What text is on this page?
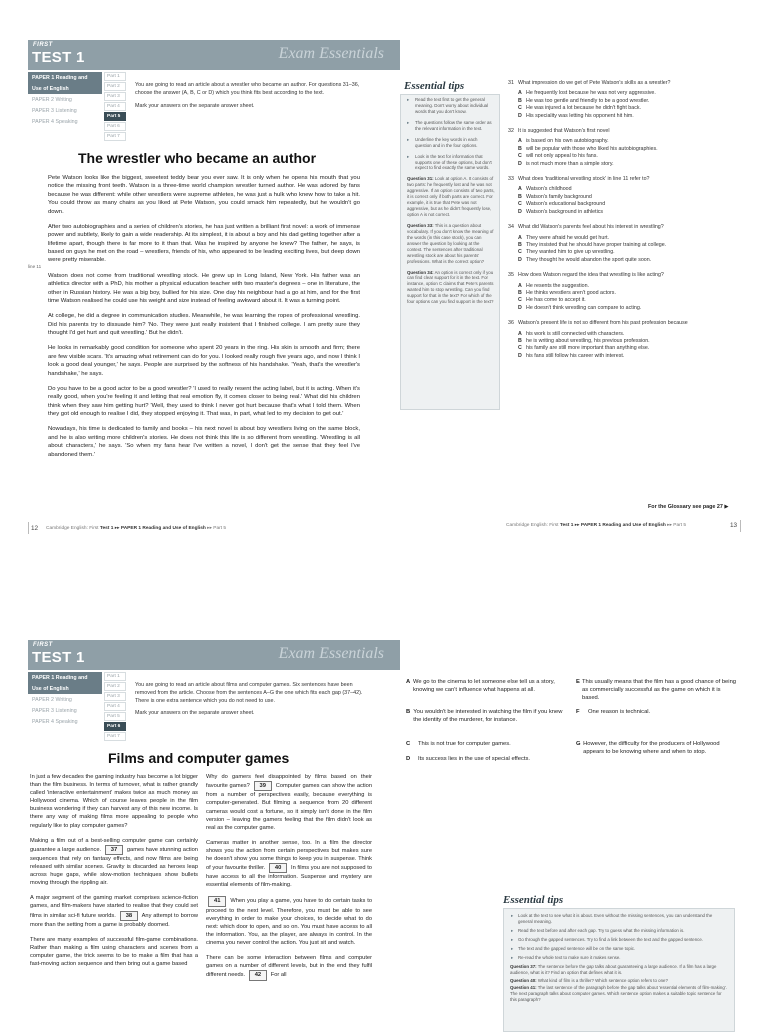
FIRST
TEST 1	Exam Essentials
PAPER 1 Reading and
Use of English
PAPER 2 Writing
PAPER 3 Listening
PAPER 4 Speaking
Part 1
Part 2
Part 3
Part 4
Part 5
Part 6
Part 7

You are going to read an article about a wrestler who became an author. For questions 31–36, choose the answer (A, B, C or D) which you think fits best according to the text.

Mark your answers on the separate answer sheet.

The wrestler who became an author
line 11

Pete Watson looks like the biggest, sweetest teddy bear you ever saw. It is only when he opens his mouth that you notice the missing front teeth. Watson is a three-time world champion wrestler turned author. He was adored by fans because he was different: while other wrestlers were supreme athletes, he was just a hulk who knew how to take a hit. You could throw as many chairs as you liked at Pete Watson, you could smack him repeatedly, but he wouldn't go down.

After two autobiographies and a series of children's stories, he has just written a brilliant first novel: a work of immense power and subtlety, likely to gain a wide readership. At its simplest, it is about a boy and his dad getting together after a lifetime apart, though there is far more to it than that. Was he inspired by anyone he knew? The father, he says, is based on guys he met on the road – wrestlers, friends of his, who appeared to be leading exciting lives, but deep down were pretty miserable.

Watson does not come from traditional wrestling stock. He grew up in Long Island, New York. His father was an athletics director with a PhD, his mother a physical education teacher with two master's degrees – one in literature, the other in Russian history. He was a big boy, bullied for his size. One day his neighbour had a go at him, and for the first time Watson realised he could use his weight and size instead of feeling awkward about it. It was a turning point.

At college, he did a degree in communication studies. Meanwhile, he was learning the ropes of professional wrestling. Did his parents try to dissuade him? 'No. They were just really insistent that I finished college. I am pretty sure they thought I'd get hurt and quit wrestling.' But he didn't.

He looks in remarkably good condition for someone who spent 20 years in the ring. His skin is smooth and firm; there are few visible scars. 'It's amazing what retirement can do for you. I looked really rough five years ago, and now I think I look a good deal younger,' he says. People are surprised by the softness of his handshake. 'Yeah, that's the wrestler's handshake,' he says.

Do you have to be a good actor to be a good wrestler? 'I used to really resent the acting label, but it is acting. When it's really good, when you're feeling it and letting that real emotion fly, it comes closer to being real.' What did his children think when they saw him getting hurt? 'Well, they used to think I never got hurt because that's what I told them. When they got old enough to realise I did, they stopped enjoying it. That was, in part, what led to my decision to get out.'

Nowadays, his time is dedicated to family and books – his next novel is about boy wrestlers living on the same block, and he is also writing more children's stories. He does not think this life is so different from wrestling. 'Wrestling is all about characters,' he says. 'So when my fans hear I've written a novel, I don't get the sense that they feel I've abandoned them.'

Essential tips
▸ Read the text first to get the general meaning. Don't worry about individual words that you don't know.
▸ The questions follow the same order as the relevant information in the text.
▸ Underline the key words in each question and in the four options.
▸ Look in the text for information that supports one of these options, but don't expect to find exactly the same words.
Question 31: Look at option A. It consists of two parts: he frequently lost and he was not aggressive. If an option consists of two parts, it is correct only if both parts are correct. For example, it is true that Pete was not aggressive, but as he didn't frequently lose, option A is not correct.
Question 33: This is a question about vocabulary. If you don't know the meaning of the words (in this case stock), you can answer the question by looking at the context. The sentences after traditional wrestling stock are about his parents' professions. What is the correct option?
Question 34: An option is correct only if you can find clear support for it in the text. For instance, option C claims that Pete's parents wanted him to stop wrestling. Can you find support for that in the text? For which of the four options can you find support in the text?
31 What impression do we get of Pete Watson's skills as a wrestler?
A He frequently lost because he was not very aggressive.
B He was too gentle and friendly to be a good wrestler.
C He was injured a lot because he didn't fight back.
D His speciality was letting his opponent hit him.
32 It is suggested that Watson's first novel
A is based on his own autobiography.
B will be popular with those who liked his autobiographies.
C will not only appeal to his fans.
D is not much more than a simple story.
33 What does 'traditional wrestling stock' in line 11 refer to?
A Watson's childhood
B Watson's family background
C Watson's educational background
D Watson's background in athletics
34 What did Watson's parents feel about his interest in wrestling?
A They were afraid he would get hurt.
B They insisted that he should have proper training at college.
C They wanted him to give up wrestling.
D They thought he would abandon the sport quite soon.
35 How does Watson regard the idea that wrestling is like acting?
A He resents the suggestion.
B He thinks wrestlers aren't good actors.
C He has come to accept it.
D He doesn't think wrestling can compare to acting.
36 Watson's present life is not so different from his past profession because
A his work is still connected with characters.
B he is writing about wrestling, his previous profession.
C his family are still more important than anything else.
D his fans still follow his career with interest.
For the Glossary see page 27 ▶
12 Cambridge English: First Test 1 ▸▸ PAPER 1 Reading and Use of English ▸▸ Part 5
Cambridge English: First Test 1 ▸▸ PAPER 1 Reading and Use of English ▸▸ Part 5	13
FIRST
TEST 1	Exam Essentials
PAPER 1 Reading and
Use of English
PAPER 2 Writing
PAPER 3 Listening
PAPER 4 Speaking
Part 1
Part 2
Part 3
Part 4
Part 5
Part 6
Part 7

You are going to read an article about films and computer games. Six sentences have been removed from the article. Choose from the sentences A–G the one which fits each gap (37–42). There is one extra sentence which you do not need to use.

Mark your answers on the separate answer sheet.

Films and computer games

In just a few decades the gaming industry has become a lot bigger than the film business. In terms of turnover, what is rather grandly called 'interactive entertainment' makes twice as much money as Hollywood cinema. Which of course leaves people in the film business wondering if they can harvest any of this new income. Is there any way of making films more appealing to people who regularly like to play computer games?

Making a film out of a best-selling computer game can certainly guarantee a large audience. 37 games have stunning action sequences that rely on fantasy effects, and now films are being released with similar scenes. Gravity is discarded as heroes leap across huge gaps, while slow-motion techniques show bullets moving through the rippling air.

A major segment of the gaming market comprises science-fiction games, and film-makers have started to realise that they could set films in similar sci-fi future worlds. 38 Any attempt to borrow more than the setting from a game is probably doomed.

There are many examples of successful film-game combinations. Rather than making a film using characters and scenes from a computer game, the trick seems to be to make a film that has a fast-moving action sequence and then bring out a game based

Why do gamers feel disappointed by films based on their favourite games? 39 Computer games can show the action from a number of perspectives easily, because everything is computer-generated. But filming a sequence from 20 different cameras would cost a fortune, so it simply isn't done in the film version – leaving the gamers feeling that the film didn't look as real as the computer game.

Cameras matter in another sense, too. In a film the director shows you the action from certain perspectives but makes sure he doesn't show you some things to keep you in suspense. Think of your favourite thriller. 40 In films you are not supposed to have access to all the information. Suspense and mystery are essential elements of film-making.

41 When you play a game, you have to do certain tasks to proceed to the next level. Therefore, you must be able to see everything in order to make your choices, to decide what to do next: which door to open, and so on. You must have access to all the information. You, as the player, are always in control. In the cinema you never control the action. You just sit and watch.

There can be some interaction between films and computer games on a number of different levels, but in the end they fulfil different needs. 42 For all

A We go to the cinema to let someone else tell us a story, knowing we can't influence what happens at all.
B You wouldn't be interested in watching the film if you knew the identity of the murderer, for instance.
C	This is not true for computer games.
D	Its success lies in the use of special effects.
E This usually means that the film has a good chance of being as commercially successful as the game on which it is based.
F	One reason is technical.
G However, the difficulty for the producers of Hollywood appears to be knowing where and when to stop.
Essential tips
▸ Look at the text to see what it is about. Even without the missing sentences, you can understand the general meaning.
▸ Read the text before and after each gap. Try to guess what the missing information is.
▸ Go through the gapped sentences. Try to find a link between the text and the gapped sentence.
▸ The text and the gapped sentence will be on the same topic.
▸ Re-read the whole text to make sure it makes sense.
Question 37: The sentence before the gap talks about guaranteeing a large audience. If a film has a large audience, what is it? Find an option that defines what it is.
Question 40: What kind of film is a thriller? Which sentence option refers to one?
Question 41: The last sentence of the paragraph before the gap talks about 'essential elements of film-making'. The next paragraph talks about computer games. Which sentence option makes a suitable topic sentence for this paragraph?
